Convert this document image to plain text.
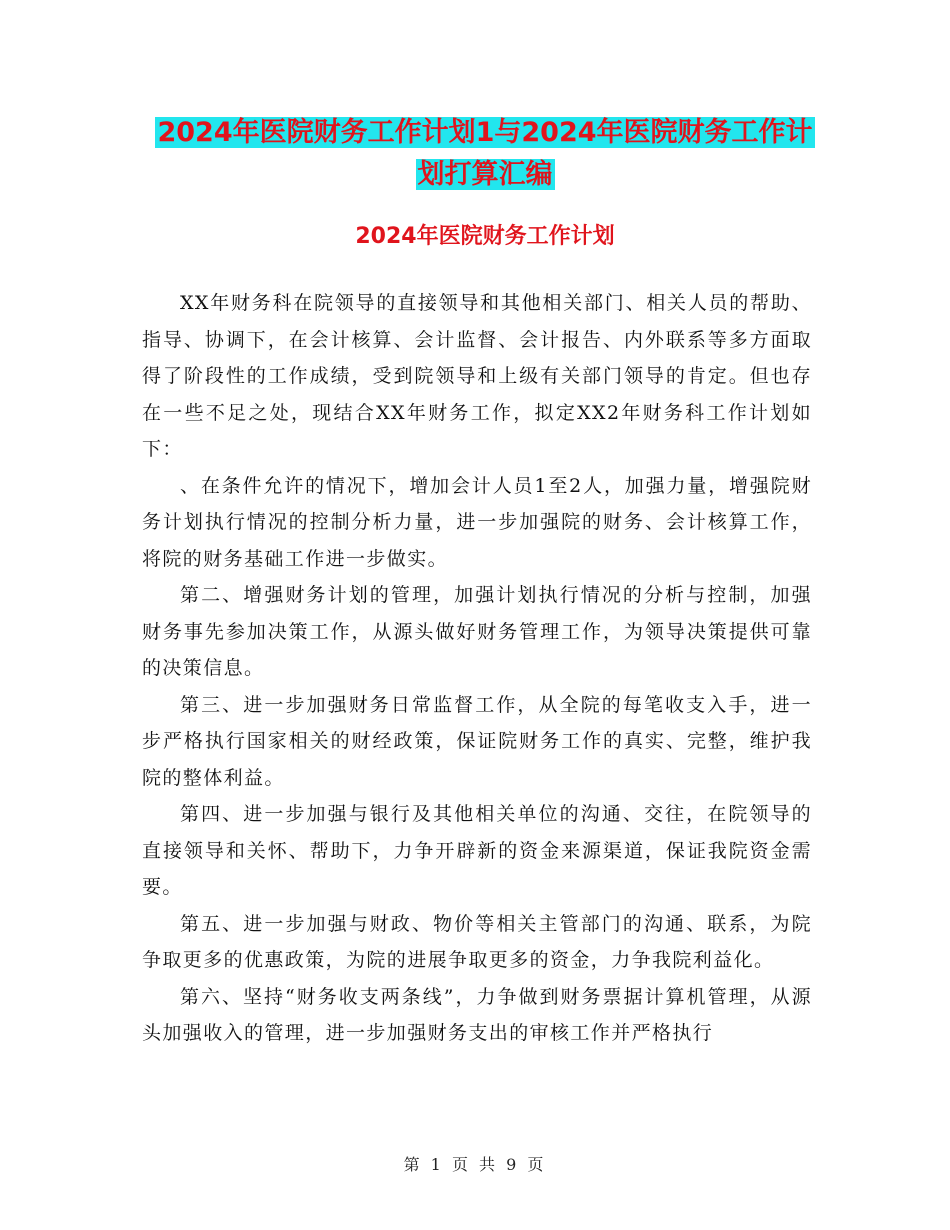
2024年医院财务工作计划1与2024年医院财务工作计
划打算汇编
2024年医院财务工作计划

XX年财务科在院领导的直接领导和其他相关部门、相关人员的帮助、指导、协调下，在会计核算、会计监督、会计报告、内外联系等多方面取得了阶段性的工作成绩，受到院领导和上级有关部门领导的肯定。但也存在一些不足之处，现结合XX年财务工作，拟定XX2年财务科工作计划如下：

、在条件允许的情况下，增加会计人员1至2人，加强力量，增强院财务计划执行情况的控制分析力量，进一步加强院的财务、会计核算工作，将院的财务基础工作进一步做实。

第二、增强财务计划的管理，加强计划执行情况的分析与控制，加强财务事先参加决策工作，从源头做好财务管理工作，为领导决策提供可靠的决策信息。

第三、进一步加强财务日常监督工作，从全院的每笔收支入手，进一步严格执行国家相关的财经政策，保证院财务工作的真实、完整，维护我院的整体利益。

第四、进一步加强与银行及其他相关单位的沟通、交往，在院领导的直接领导和关怀、帮助下，力争开辟新的资金来源渠道，保证我院资金需要。

第五、进一步加强与财政、物价等相关主管部门的沟通、联系，为院争取更多的优惠政策，为院的进展争取更多的资金，力争我院利益化。

第六、坚持“财务收支两条线”，力争做到财务票据计算机管理，从源头加强收入的管理，进一步加强财务支出的审核工作并严格执行

第 1 页 共 9 页
